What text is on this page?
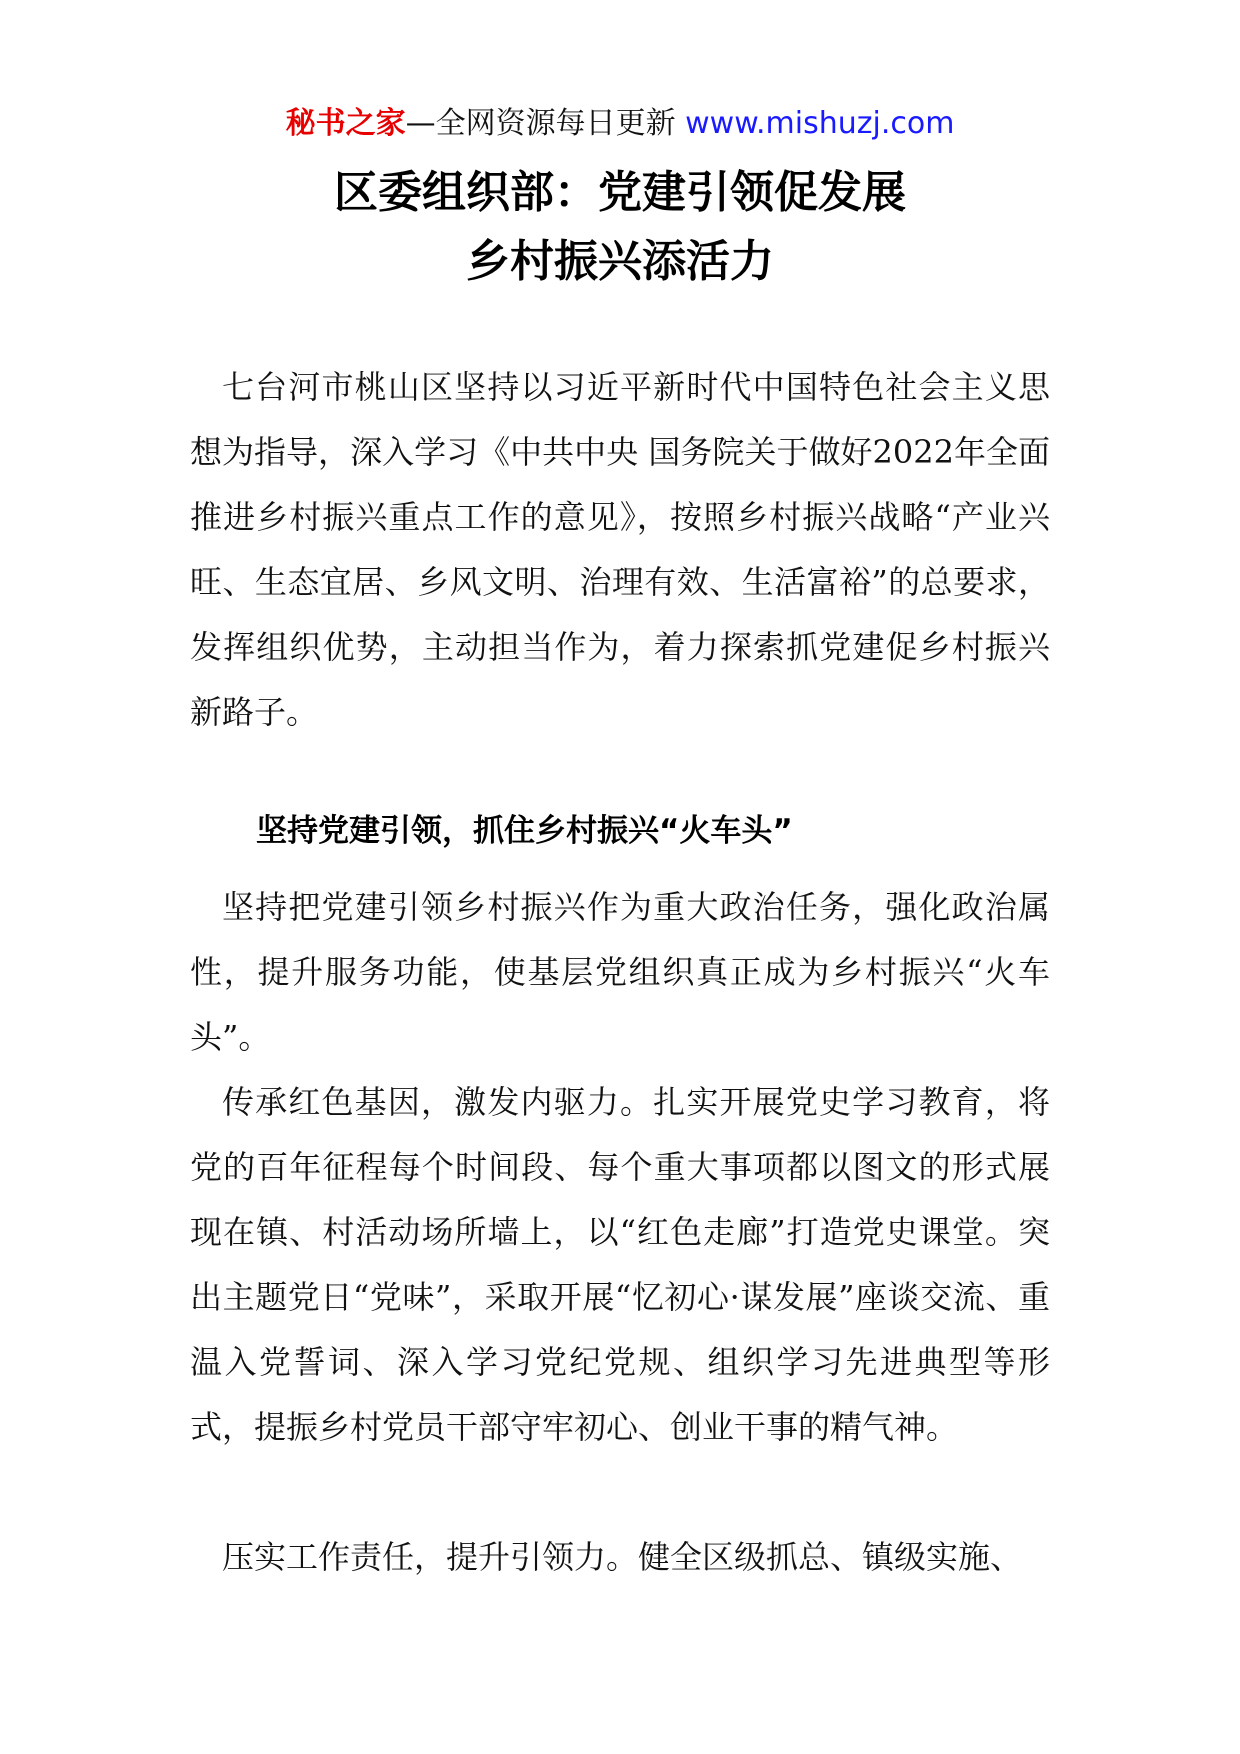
秘书之家—全网资源每日更新 www.mishuzj.com
区委组织部：党建引领促发展
乡村振兴添活力

七台河市桃山区坚持以习近平新时代中国特色社会主义思想为指导，深入学习《中共中央 国务院关于做好2022年全面推进乡村振兴重点工作的意见》，按照乡村振兴战略“产业兴旺、生态宜居、乡风文明、治理有效、生活富裕”的总要求，发挥组织优势，主动担当作为，着力探索抓党建促乡村振兴新路子。

坚持党建引领，抓住乡村振兴“火车头”

坚持把党建引领乡村振兴作为重大政治任务，强化政治属性，提升服务功能，使基层党组织真正成为乡村振兴“火车头”。

传承红色基因，激发内驱力。扎实开展党史学习教育，将党的百年征程每个时间段、每个重大事项都以图文的形式展现在镇、村活动场所墙上，以“红色走廊”打造党史课堂。突出主题党日“党味”，采取开展“忆初心·谋发展”座谈交流、重温入党誓词、深入学习党纪党规、组织学习先进典型等形式，提振乡村党员干部守牢初心、创业干事的精气神。

压实工作责任，提升引领力。健全区级抓总、镇级实施、
